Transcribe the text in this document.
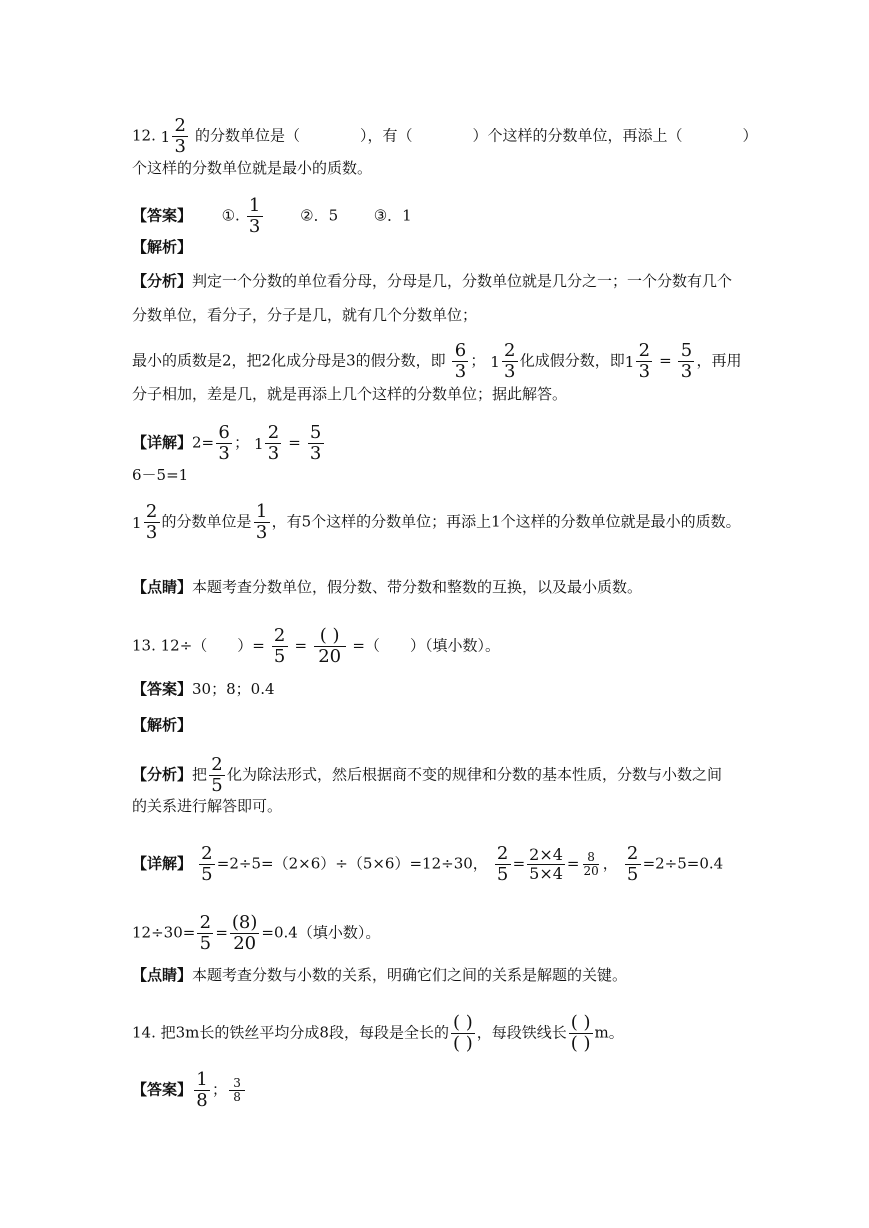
12. $1 \frac{2}{3}$ 的分数单位是（	），有（	）个这样的分数单位，再添上（	）
个这样的分数单位就是最小的质数。
【答案】 ①. $\frac{1}{3}$	②．5 ③．1
【解析】
【分析】判定一个分数的单位看分母，分母是几，分数单位就是几分之一；一个分数有几个
分数单位，看分子，分子是几，就有几个分数单位；
最小的质数是2，把2化成分母是3的假分数，即 $\frac{6}{3}$ ； $1 \frac{2}{3}$ 化成假分数，即 $1 \frac{2}{3} = \frac{5}{3}$ ，再用
分子相加，差是几，就是再添上几个这样的分数单位；据此解答。
【详解】$2= \frac{6}{3}$ ； $1 \frac{2}{3} = \frac{5}{3}$
6－5=1
$1 \frac{2}{3}$ 的分数单位是 $\frac{1}{3}$ ，有5个这样的分数单位；再添上1个这样的分数单位就是最小的质数。
【点睛】本题考查分数单位，假分数、带分数和整数的互换，以及最小质数。
13. 12÷（ ）= $\frac{2}{5} = \frac{( )}{20}$ =（ ）（填小数）。
【答案】30；8；0.4
【解析】
【分析】把 $\frac{2}{5}$ 化为除法形式，然后根据商不变的规律和分数的基本性质，分数与小数之间
的关系进行解答即可。
【详解】 $\frac{2}{5} =2\div 5=(2\times 6)\div(5\times 6)=12\div 30$， $\frac{2}{5} = \frac{2\times 4}{5\times 4} = \frac{8}{20}$ ， $\frac{2}{5} =2\div 5=0.4$
$12\div 30= \frac{2}{5} = \frac{(8)}{20} =0.4$（填小数）。
【点睛】本题考查分数与小数的关系，明确它们之间的关系是解题的关键。
14. 把3m长的铁丝平均分成8段，每段是全长的 $\frac{( )}{( )}$ ，每段铁线长 $\frac{( )}{( )}$ m。
【答案】 $\frac{1}{8}$ ； $\frac{3}{8}$
